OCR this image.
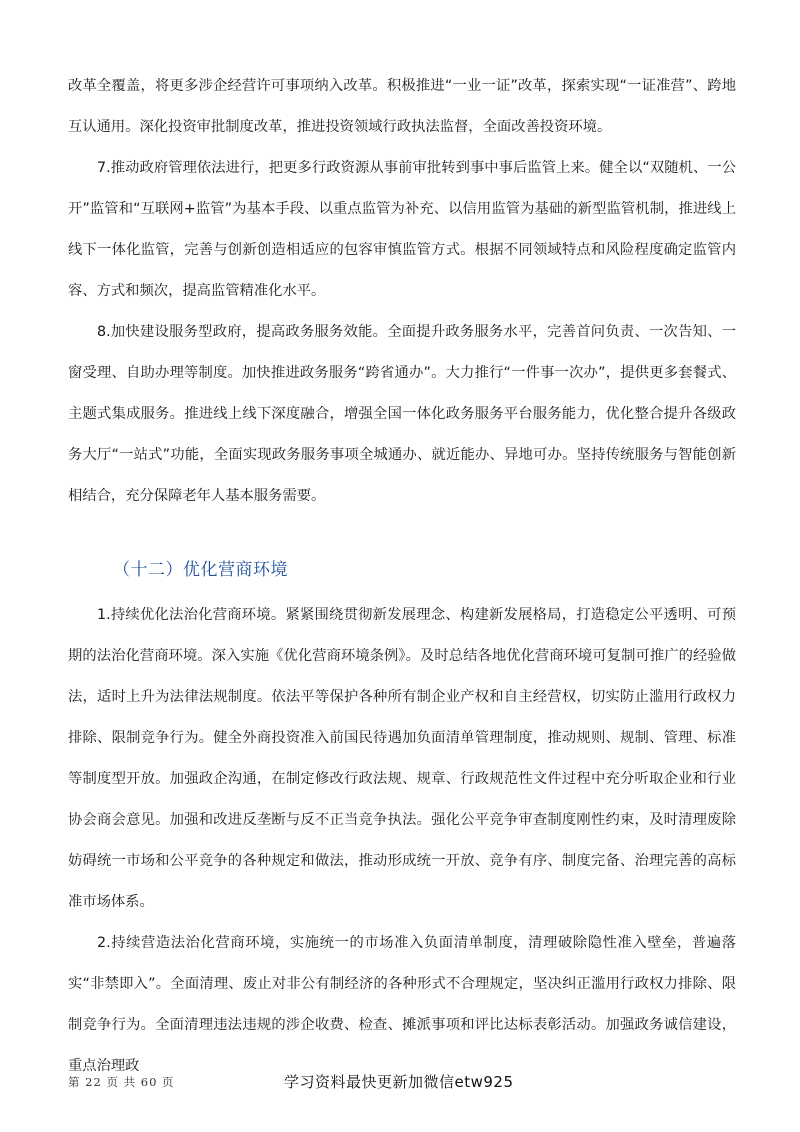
改革全覆盖，将更多涉企经营许可事项纳入改革。积极推进“一业一证”改革，探索实现“一证准营”、跨地互认通用。深化投资审批制度改革，推进投资领域行政执法监督，全面改善投资环境。

7.推动政府管理依法进行，把更多行政资源从事前审批转到事中事后监管上来。健全以“双随机、一公开”监管和“互联网+监管”为基本手段、以重点监管为补充、以信用监管为基础的新型监管机制，推进线上线下一体化监管，完善与创新创造相适应的包容审慎监管方式。根据不同领域特点和风险程度确定监管内容、方式和频次，提高监管精准化水平。

8.加快建设服务型政府，提高政务服务效能。全面提升政务服务水平，完善首问负责、一次告知、一窗受理、自助办理等制度。加快推进政务服务“跨省通办”。大力推行“一件事一次办”，提供更多套餐式、主题式集成服务。推进线上线下深度融合，增强全国一体化政务服务平台服务能力，优化整合提升各级政务大厅“一站式”功能，全面实现政务服务事项全城通办、就近能办、异地可办。坚持传统服务与智能创新相结合，充分保障老年人基本服务需要。

（十二）优化营商环境

1.持续优化法治化营商环境。紧紧围绕贯彻新发展理念、构建新发展格局，打造稳定公平透明、可预期的法治化营商环境。深入实施《优化营商环境条例》。及时总结各地优化营商环境可复制可推广的经验做法，适时上升为法律法规制度。依法平等保护各种所有制企业产权和自主经营权，切实防止滥用行政权力排除、限制竞争行为。健全外商投资准入前国民待遇加负面清单管理制度，推动规则、规制、管理、标准等制度型开放。加强政企沟通，在制定修改行政法规、规章、行政规范性文件过程中充分听取企业和行业协会商会意见。加强和改进反垄断与反不正当竞争执法。强化公平竞争审查制度刚性约束，及时清理废除妨碍统一市场和公平竞争的各种规定和做法，推动形成统一开放、竞争有序、制度完备、治理完善的高标准市场体系。

2.持续营造法治化营商环境，实施统一的市场准入负面清单制度，清理破除隐性准入壁垒，普遍落实“非禁即入”。全面清理、废止对非公有制经济的各种形式不合理规定，坚决纠正滥用行政权力排除、限制竞争行为。全面清理违法违规的涉企收费、检查、摊派事项和评比达标表彰活动。加强政务诚信建设，重点治理政

第 22 页 共 60 页	学习资料最快更新加微信etw925
